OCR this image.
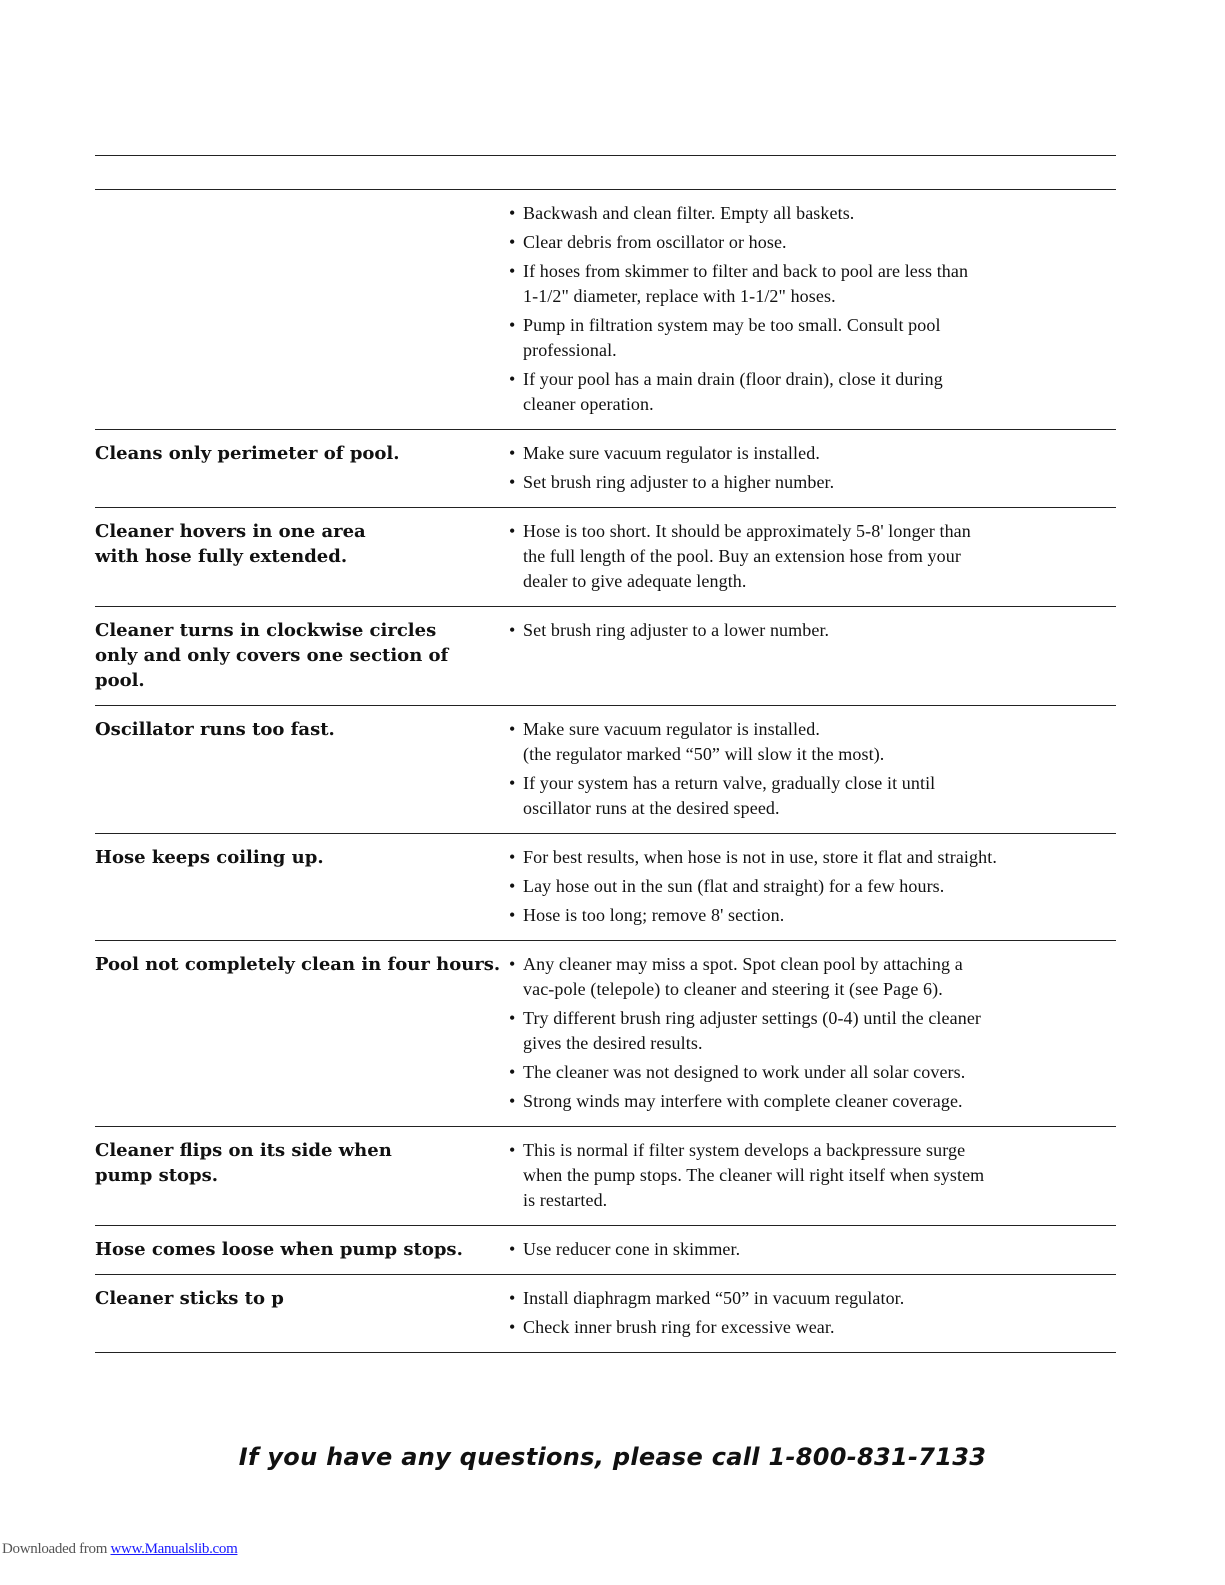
• Backwash and clean filter. Empty all baskets.
• Clear debris from oscillator or hose.
• If hoses from skimmer to filter and back to pool are less than
1-1/2" diameter, replace with 1-1/2" hoses.
• Pump in filtration system may be too small. Consult pool
professional.
• If your pool has a main drain (floor drain), close it during
cleaner operation.
Cleans only perimeter of pool.	• Make sure vacuum regulator is installed.
• Set brush ring adjuster to a higher number.
Cleaner hovers in one area
with hose fully extended.
• Hose is too short. It should be approximately 5-8' longer than
the full length of the pool. Buy an extension hose from your
dealer to give adequate length.
Cleaner turns in clockwise circles
only and only covers one section of pool.
• Set brush ring adjuster to a lower number.
Oscillator runs too fast.	• Make sure vacuum regulator is installed.
(the regulator marked “50” will slow it the most).
• If your system has a return valve, gradually close it until
oscillator runs at the desired speed.
Hose keeps coiling up.	• For best results, when hose is not in use, store it flat and straight.
• Lay hose out in the sun (flat and straight) for a few hours.
• Hose is too long; remove 8' section.
Pool not completely clean in four hours. • Any cleaner may miss a spot. Spot clean pool by attaching a
vac-pole (telepole) to cleaner and steering it (see Page 6).
• Try different brush ring adjuster settings (0-4) until the cleaner
gives the desired results.
• The cleaner was not designed to work under all solar covers.
• Strong winds may interfere with complete cleaner coverage.
Cleaner flips on its side when
pump stops.
• This is normal if filter system develops a backpressure surge
when the pump stops. The cleaner will right itself when system
is restarted.
Hose comes loose when pump stops.	• Use reducer cone in skimmer.
Cleaner sticks to p	• Install diaphragm marked “50” in vacuum regulator.
• Check inner brush ring for excessive wear.
If you have any questions, please call 1-800-831-7133
Downloaded from www.Manualslib.com
